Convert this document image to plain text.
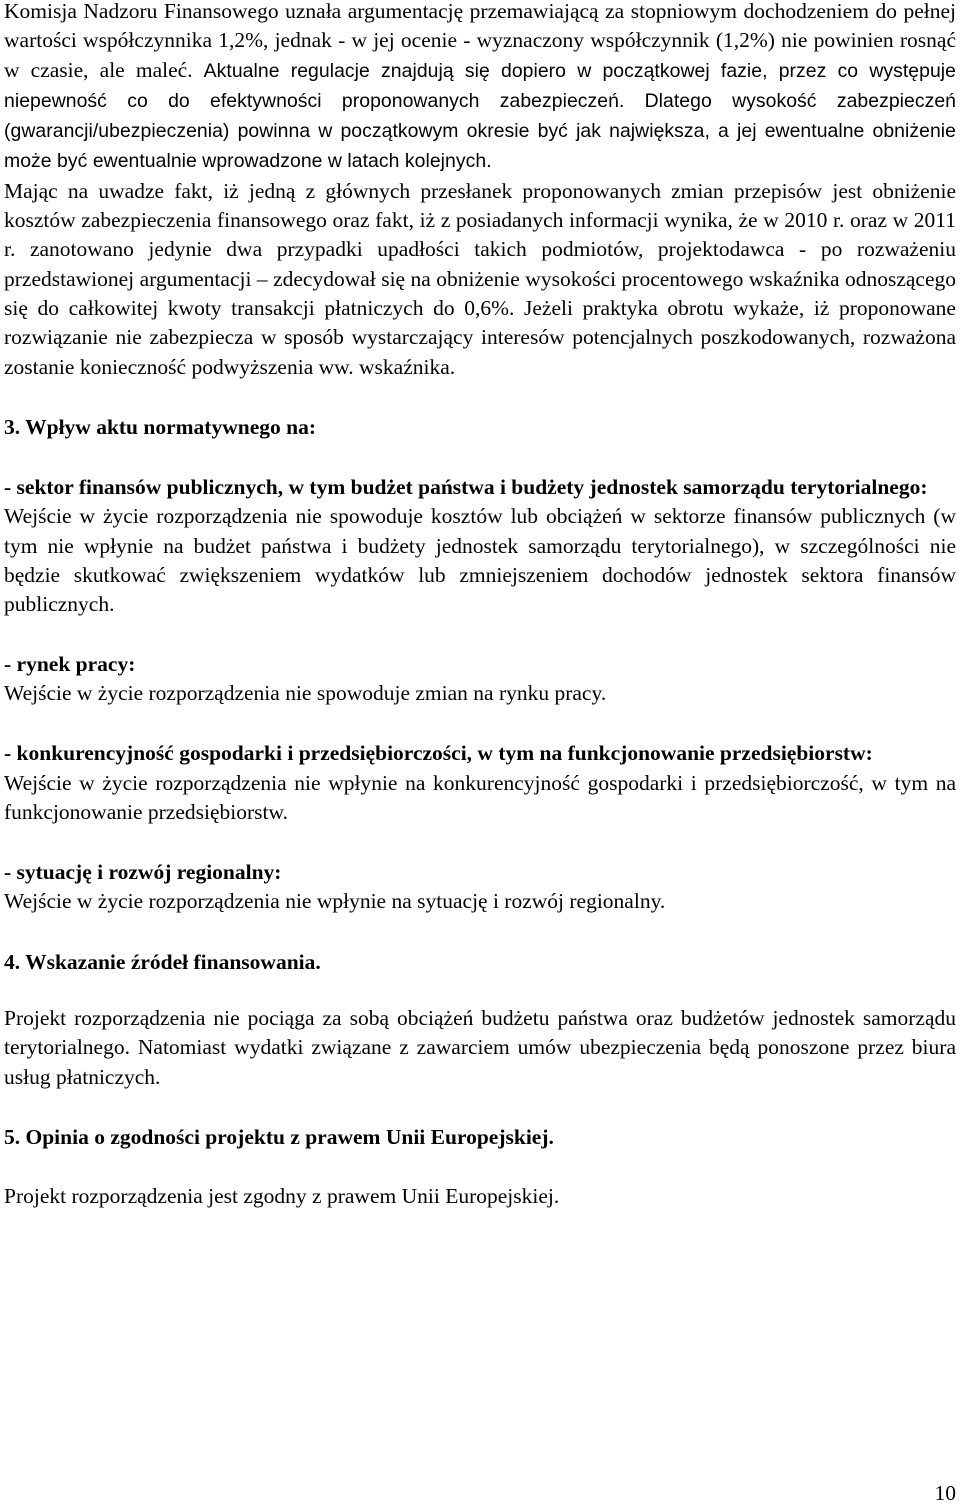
Komisja Nadzoru Finansowego uznała argumentację przemawiającą za stopniowym dochodzeniem do pełnej wartości współczynnika 1,2%, jednak - w jej ocenie - wyznaczony współczynnik (1,2%) nie powinien rosnąć w czasie, ale maleć. Aktualne regulacje znajdują się dopiero w początkowej fazie, przez co występuje niepewność co do efektywności proponowanych zabezpieczeń. Dlatego wysokość zabezpieczeń (gwarancji/ubezpieczenia) powinna w początkowym okresie być jak największa, a jej ewentualne obniżenie może być ewentualnie wprowadzone w latach kolejnych.

Mając na uwadze fakt, iż jedną z głównych przesłanek proponowanych zmian przepisów jest obniżenie kosztów zabezpieczenia finansowego oraz fakt, iż z posiadanych informacji wynika, że w 2010 r. oraz w 2011 r. zanotowano jedynie dwa przypadki upadłości takich podmiotów, projektodawca - po rozważeniu przedstawionej argumentacji – zdecydował się na obniżenie wysokości procentowego wskaźnika odnoszącego się do całkowitej kwoty transakcji płatniczych do 0,6%. Jeżeli praktyka obrotu wykaże, iż proponowane rozwiązanie nie zabezpiecza w sposób wystarczający interesów potencjalnych poszkodowanych, rozważona zostanie konieczność podwyższenia ww. wskaźnika.

3. Wpływ aktu normatywnego na:

- sektor finansów publicznych, w tym budżet państwa i budżety jednostek samorządu terytorialnego:

Wejście w życie rozporządzenia nie spowoduje kosztów lub obciążeń w sektorze finansów publicznych (w tym nie wpłynie na budżet państwa i budżety jednostek samorządu terytorialnego), w szczególności nie będzie skutkować zwiększeniem wydatków lub zmniejszeniem dochodów jednostek sektora finansów publicznych.

- rynek pracy:

Wejście w życie rozporządzenia nie spowoduje zmian na rynku pracy.

- konkurencyjność gospodarki i przedsiębiorczości, w tym na funkcjonowanie przedsiębiorstw:

Wejście w życie rozporządzenia nie wpłynie na konkurencyjność gospodarki i przedsiębiorczość, w tym na funkcjonowanie przedsiębiorstw.

- sytuację i rozwój regionalny:

Wejście w życie rozporządzenia nie wpłynie na sytuację i rozwój regionalny.

4. Wskazanie źródeł finansowania.

Projekt rozporządzenia nie pociąga za sobą obciążeń budżetu państwa oraz budżetów jednostek samorządu terytorialnego. Natomiast wydatki związane z zawarciem umów ubezpieczenia będą ponoszone przez biura usług płatniczych.

5. Opinia o zgodności projektu z prawem Unii Europejskiej.

Projekt rozporządzenia jest zgodny z prawem Unii Europejskiej.

10
